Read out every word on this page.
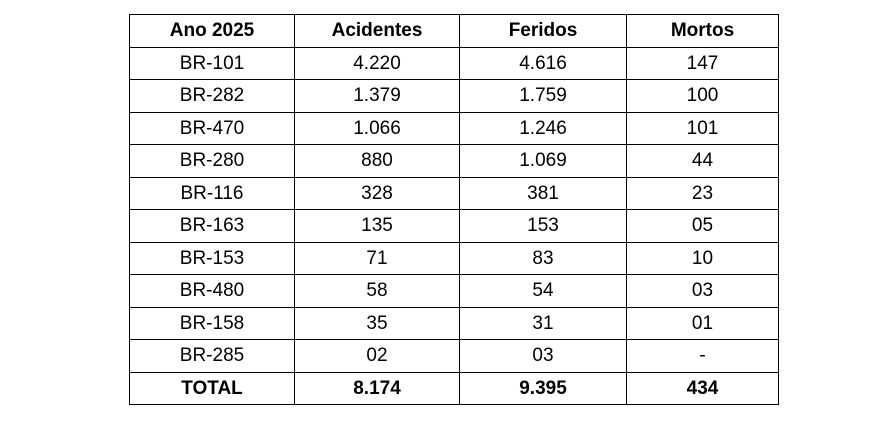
Ano 2025	Acidentes	Feridos	Mortos
BR-101	4.220	4.616	147
BR-282	1.379	1.759	100
BR-470	1.066	1.246	101
BR-280	880	1.069	44
BR-116	328	381	23
BR-163	135	153	05
BR-153	71	83	10
BR-480	58	54	03
BR-158	35	31	01
BR-285	02	03	-
TOTAL	8.174	9.395	434
